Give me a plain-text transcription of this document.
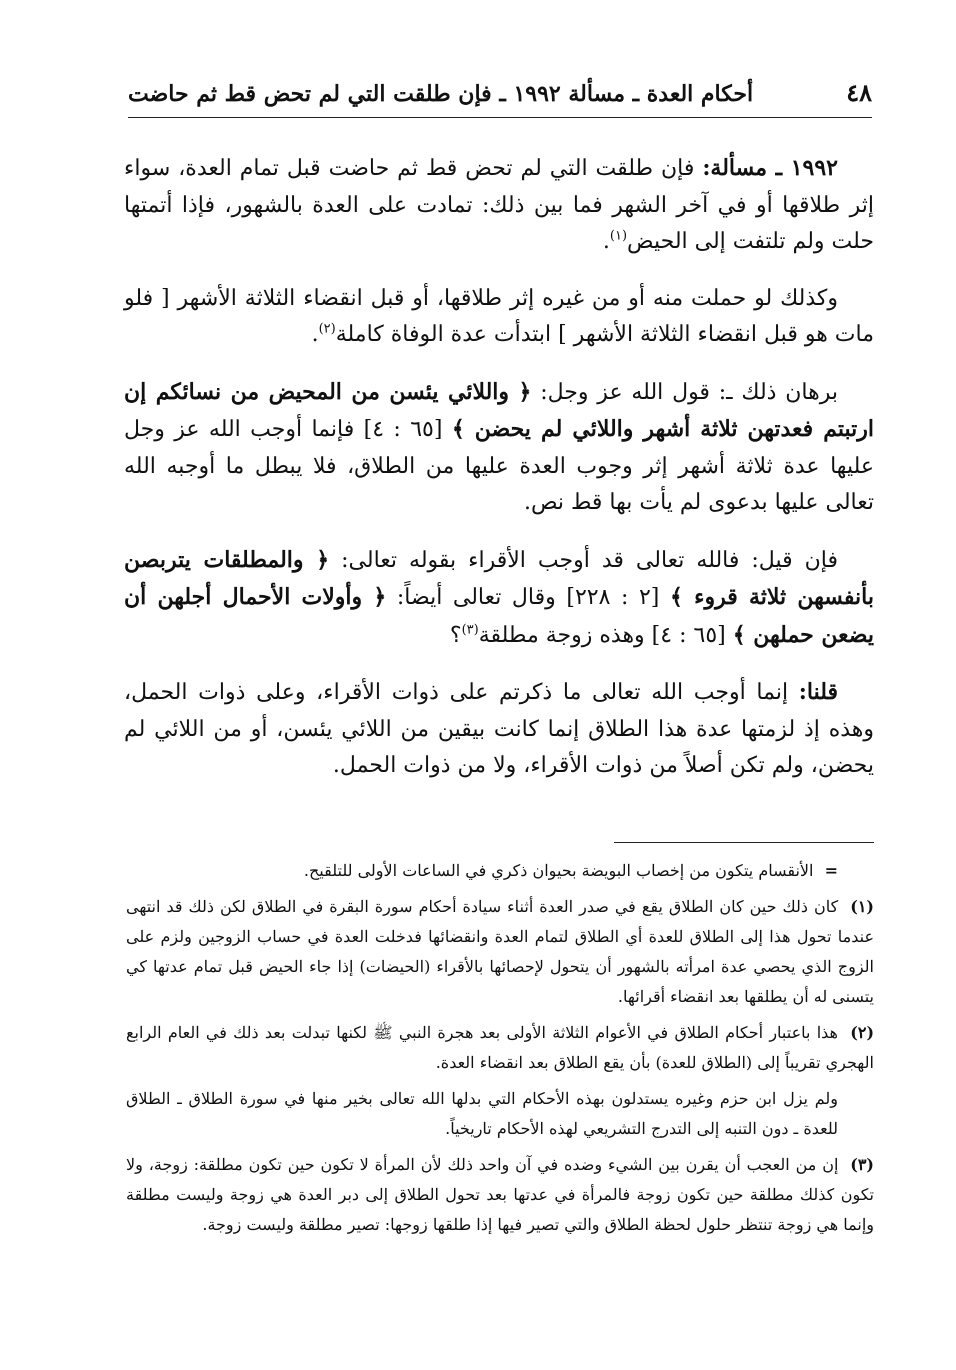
٤٨
أحكام العدة ـ مسألة ١٩٩٢ ـ فإن طلقت التي لم تحض قط ثم حاضت

١٩٩٢ ـ مسألة: فإن طلقت التي لم تحض قط ثم حاضت قبل تمام العدة، سواء إثر طلاقها أو في آخر الشهر فما بين ذلك: تمادت على العدة بالشهور، فإذا أتمتها حلت ولم تلتفت إلى الحيض$^{(١)}$.

وكذلك لو حملت منه أو من غيره إثر طلاقها، أو قبل انقضاء الثلاثة الأشهر [ فلو مات هو قبل انقضاء الثلاثة الأشهر ] ابتدأت عدة الوفاة كاملة$^{(٢)}$.

برهان ذلك ـ: قول الله عز وجل: ﴿ واللائي يئسن من المحيض من نسائكم إن ارتبتم فعدتهن ثلاثة أشهر واللائي لم يحضن ﴾ [٦٥ : ٤] فإنما أوجب الله عز وجل عليها عدة ثلاثة أشهر إثر وجوب العدة عليها من الطلاق، فلا يبطل ما أوجبه الله تعالى عليها بدعوى لم يأت بها قط نص.

فإن قيل: فالله تعالى قد أوجب الأقراء بقوله تعالى: ﴿ والمطلقات يتربصن بأنفسهن ثلاثة قروء ﴾ [٢ : ٢٢٨] وقال تعالى أيضاً: ﴿ وأولات الأحمال أجلهن أن يضعن حملهن ﴾ [٦٥ : ٤] وهذه زوجة مطلقة$^{(٣)}$؟

قلنا: إنما أوجب الله تعالى ما ذكرتم على ذوات الأقراء، وعلى ذوات الحمل، وهذه إذ لزمتها عدة هذا الطلاق إنما كانت بيقين من اللائي يئسن، أو من اللائي لم يحضن، ولم تكن أصلاً من ذوات الأقراء، ولا من ذوات الحمل.

= الأنقسام يتكون من إخصاب البويضة بحيوان ذكري في الساعات الأولى للتلقيح.

(١) كان ذلك حين كان الطلاق يقع في صدر العدة أثناء سيادة أحكام سورة البقرة في الطلاق لكن ذلك قد انتهى عندما تحول هذا إلى الطلاق للعدة أي الطلاق لتمام العدة وانقضائها فدخلت العدة في حساب الزوجين ولزم على الزوج الذي يحصي عدة امرأته بالشهور أن يتحول لإحصائها بالأقراء (الحيضات) إذا جاء الحيض قبل تمام عدتها كي يتسنى له أن يطلقها بعد انقضاء أقرائها.

(٢) هذا باعتبار أحكام الطلاق في الأعوام الثلاثة الأولى بعد هجرة النبي ﷺ لكنها تبدلت بعد ذلك في العام الرابع الهجري تقريباً إلى (الطلاق للعدة) بأن يقع الطلاق بعد انقضاء العدة.

ولم يزل ابن حزم وغيره يستدلون بهذه الأحكام التي بدلها الله تعالى بخير منها في سورة الطلاق ـ الطلاق للعدة ـ دون التنبه إلى التدرج التشريعي لهذه الأحكام تاريخياً.

(٣) إن من العجب أن يقرن بين الشيء وضده في آن واحد ذلك لأن المرأة لا تكون حين تكون مطلقة: زوجة، ولا تكون كذلك مطلقة حين تكون زوجة فالمرأة في عدتها بعد تحول الطلاق إلى دبر العدة هي زوجة وليست مطلقة وإنما هي زوجة تنتظر حلول لحظة الطلاق والتي تصير فيها إذا طلقها زوجها: تصير مطلقة وليست زوجة.
